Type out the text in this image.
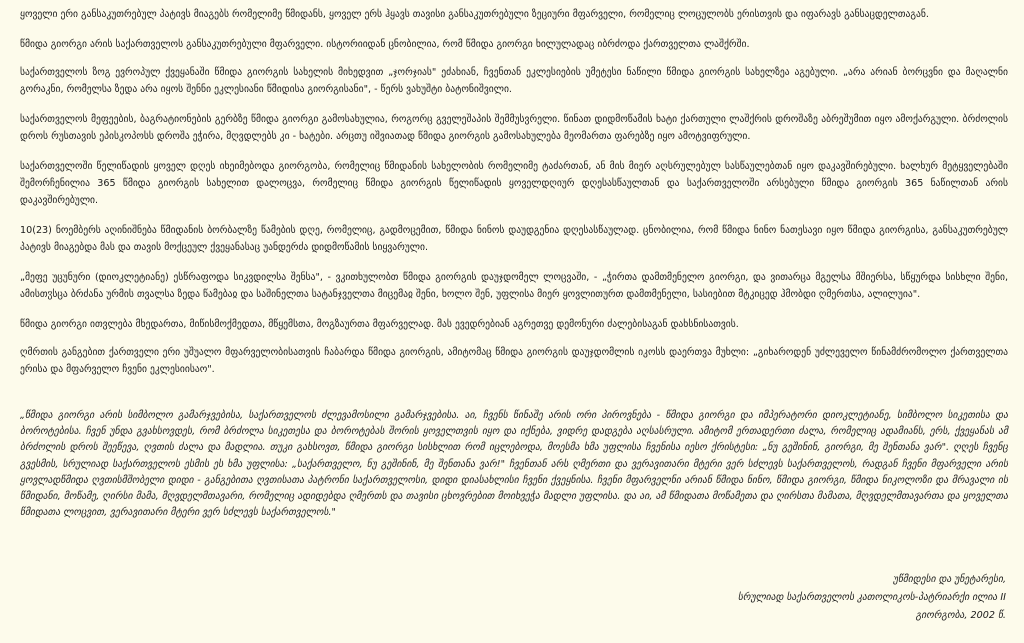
ყოველი ერი განსაკუთრებულ პატივს მიაგებს რომელიმე წმიდანს, ყოველ ერს ჰყავს თავისი განსაკუთრებული ზეციური მფარველი, რომელიც ლოცულობს ერისთვის და იფარავს განსაცდელთაგან.

წმიდა გიორგი არის საქართველოს განსაკუთრებული მფარველი. ისტორიიდან ცნობილია, რომ წმიდა გიორგი ხილულადაც იბრძოდა ქართველთა ლაშქრში.

საქართველოს ზოგ ევროპულ ქვეყანაში წმიდა გიორგის სახელის მიხედვით „ჯორჯიას" ეძახიან, ჩვენთან ეკლესიების უმეტესი ნაწილი წმიდა გიორგის სახელზეა აგებული. „არა არიან ბორცვნი და მაღალნი გორაკნი, რომელსა ზედა არა იყოს შენნი ეკლესიანი წმიდისა გიორგისანი", - წერს ვახუშტი ბატონიშვილი.

საქართველოს მეფეების, ბაგრატიონების გერბზე წმიდა გიორგი გამოსახულია, როგორც გველეშაპის შემმუსვრელი. წინათ დიდმოწამის ხატი ქართული ლაშქრის დროშაზე აბრეშუმით იყო ამოქარგული. ბრძოლის დროს რუსთავის ეპისკოპოსს დროშა ეჭირა, მღვდლებს კი - ხატები. არცთუ იშვიათად წმიდა გიორგის გამოსახულება მეომართა ფარებზე იყო ამოტვიფრული.

საქართველოში წელიწადის ყოველ დღეს იხეიმებოდა გიორგობა, რომელიც წმიდანის სახელობის რომელიმე ტაძართან, ან მის მიერ აღსრულებულ სასწაულებთან იყო დაკავშირებული. ხალხურ მეტყველებაში შემორჩენილია 365 წმიდა გიორგის სახელით დალოცვა, რომელიც წმიდა გიორგის წელიწადის ყოველდღიურ დღესასწაულთან და საქართველოში არსებული წმიდა გიორგის 365 ნაწილთან არის დაკავშირებული.

10(23) ნოემბერს აღინიშნება წმიდანის ბორბალზე წამების დღე, რომელიც, გადმოცემით, წმიდა ნინოს დაუდგენია დღესასწაულად. ცნობილია, რომ წმიდა ნინო ნათესავი იყო წმიდა გიორგისა, განსაკუთრებულ პატივს მიაგებდა მას და თავის მოქცეულ ქვეყანასაც უანდერძა დიდმოწამის სიყვარული.

„მეფე უცუნური (დიოკლეტიანე) ესწრაფოდა სიკვდილსა შენსა", - ვკითხულობთ წმიდა გიორგის დაუჯდომელ ლოცვაში, - „ჭირთა დამთმენელო გიორგი, და ვითარცა მგელსა მშიერსა, სწყურდა სისხლი შენი, ამისთჳსცა ბრძანა ურმის თვალსა ზედა წამებაჲ და საშინელთა სატანჯველთა მიცემაჲ შენი, ხოლო შენ, უფლისა მიერ ყოვლითურთ დამთმენელი, სასიებით მტკიცედ ჰმობდი ღმერთსა, ალილუია".

წმიდა გიორგი ითვლება მხედართა, მიწისმოქმედთა, მწყემსთა, მოგზაურთა მფარველად. მას ევედრებიან აგრეთვე დემონური ძალებისაგან დახსნისათვის.

ღმრთის განგებით ქართველი ერი უშუალო მფარველობისათვის ჩაბარდა წმიდა გიორგის, ამიტომაც წმიდა გიორგის დაუჯდომლის იკოსს დაერთვა მუხლი: „გიხაროდენ უძლეველო წინამძრომოლო ქართველთა ერისა და მფარველო ჩვენი ეკლესიისაო".

„წმიდა გიორგი არის სიმბოლო გამარჯვებისა, საქართველოს ძლევამოსილი გამარჯვებისა. აი, ჩვენს წინაშე არის ორი პიროვნება - წმიდა გიორგი და იმპერატორი დიოკლეტიანე, სიმბოლო სიკეთისა და ბოროტებისა. ჩვენ უნდა გვახსოვდეს, რომ ბრძოლა სიკეთესა და ბოროტებას შორის ყოველთვის იყო და იქნება, ვიდრე დადგება აღსასრული. ამიტომ ერთადერთი ძალა, რომელიც ადამიანს, ერს, ქვეყანას ამ ბრძოლის დროს შეეწევა, ღვთის ძალა და მადლია. თუკი გახსოვთ, წმიდა გიორგი სისხლით რომ იცლებოდა, მოესმა ხმა უფლისა ჩვენისა იესო ქრისტესი: „ნუ გეშინინ, გიორგი, მე შენთანა ვარ". ღღეს ჩვენც გვესმის, სრულიად საქართველოს ესმის ეს ხმა უფლისა: „საქართველო, ნუ გეშინინ, მე შენთანა ვარ!" ჩვენთან არს ღმერთი და ვერავითარი მტერი ვერ სძლევს საქართველოს, რადგან ჩვენი მფარველი არის ყოვლადწმიდა ღვთისმშობელი დიდი - განგებითა ღვთისათა პატრონი საქართველოსი, დიდი დიასახლისი ჩვენი ქვეყნისა. ჩვენი მფარველნი არიან წმიდა ნინო, წმიდა გიორგი, წმიდა ნიკოლოზი და მრავალი ის წმიდანი, მოწამე, ღირსი მამა, მღვდელმთავარი, რომელიც ადიდებდა ღმერთს და თავისი ცხოვრებით მოიხვეჭა მადლი უფლისა. და აი, ამ წმიდათა მოწამეთა და ღირსთა მამათა, მღვდელმთავართა და ყოველთა წმიდათა ლოცვით, ვერავითარი მტერი ვერ სძლევს საქართველოს."

უწმიდესი და უნეტარესი,
სრულიად საქართველოს კათოლიკოს-პატრიარქი ილია II
გიორგობა, 2002 წ.
